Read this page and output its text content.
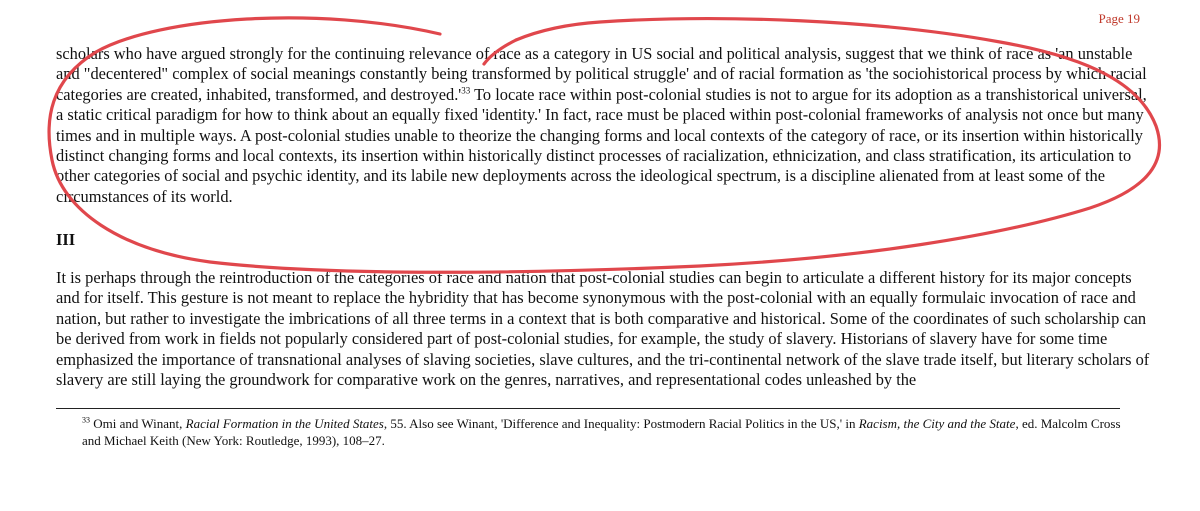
Page 19

scholars who have argued strongly for the continuing relevance of race as a category in US social and political analysis, suggest that we think of race as 'an unstable and "decentered" complex of social meanings constantly being transformed by political struggle' and of racial formation as 'the sociohistorical process by which racial categories are created, inhabited, transformed, and $destroyed.'^{33}$ To locate race within post-colonial studies is not to argue for its adoption as a transhistorical universal, a static critical paradigm for how to think about an equally fixed 'identity.' In fact, race must be placed within post-colonial frameworks of analysis not once but many times and in multiple ways. A post-colonial studies unable to theorize the changing forms and local contexts of the category of race, or its insertion within historically distinct changing forms and local contexts, its insertion within historically distinct processes of racialization, ethnicization, and class stratification, its articulation to other categories of social and psychic identity, and its labile new deployments across the ideological spectrum, is a discipline alienated from at least some of the circumstances of its world.

III

It is perhaps through the reintroduction of the categories of race and nation that post-colonial studies can begin to articulate a different history for its major concepts and for itself. This gesture is not meant to replace the hybridity that has become synonymous with the post-colonial with an equally formulaic invocation of race and nation, but rather to investigate the imbrications of all three terms in a context that is both comparative and historical. Some of the coordinates of such scholarship can be derived from work in fields not popularly considered part of post-colonial studies, for example, the study of slavery. Historians of slavery have for some time emphasized the importance of transnational analyses of slaving societies, slave cultures, and the tri-continental network of the slave trade itself, but literary scholars of slavery are still laying the groundwork for comparative work on the genres, narratives, and representational codes unleashed by the

$^{33}$ Omi and Winant, Racial Formation in the United States, 55. Also see Winant, 'Difference and Inequality: Postmodern Racial Politics in the US,' in Racism, the City and the State, ed. Malcolm Cross and Michael Keith (New York: Routledge, 1993), 108–27.
